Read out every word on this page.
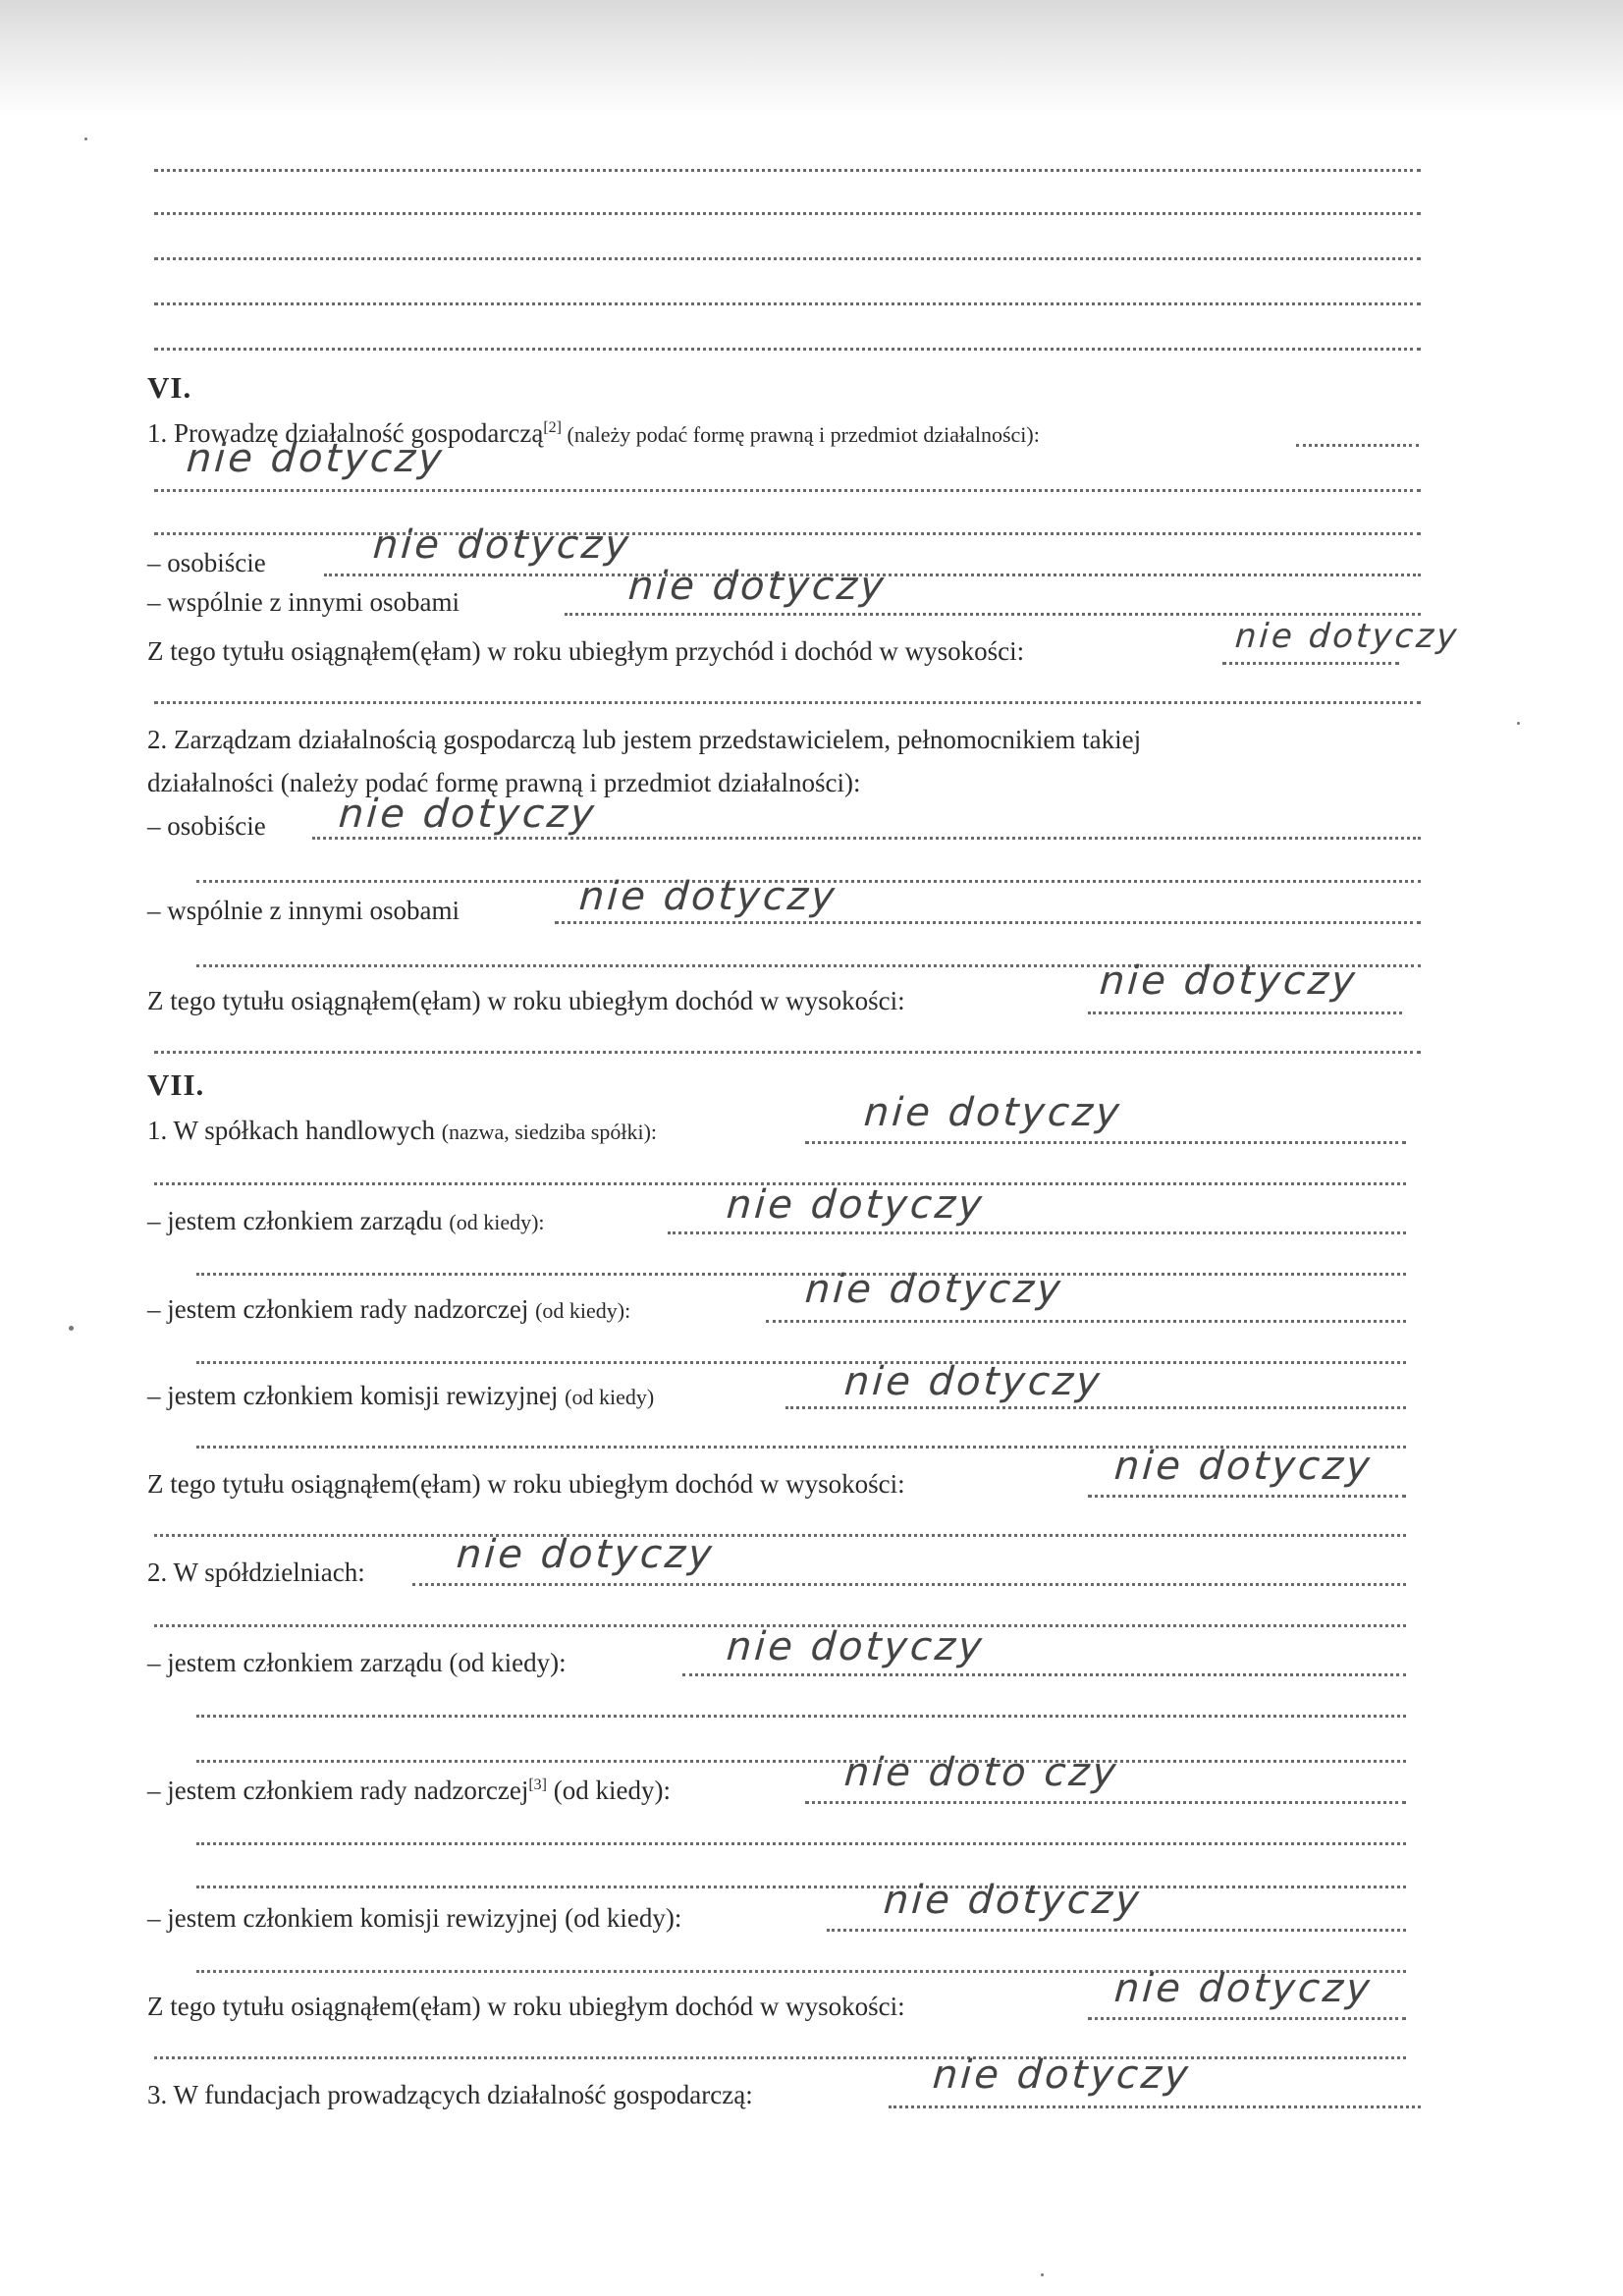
VI.
1. Prowadzę działalność gospodarczą[2] (należy podać formę prawną i przedmiot działalności):
nie dotyczy
– osobiście	nie dotyczy
– wspólnie z innymi osobami	nie dotyczy
Z tego tytułu osiągnąłem(ęłam) w roku ubiegłym przychód i dochód w wysokości:	nie dotyczy
2. Zarządzam działalnością gospodarczą lub jestem przedstawicielem, pełnomocnikiem takiej
działalności (należy podać formę prawną i przedmiot działalności):
– osobiście nie dotyczy
– wspólnie z innymi osobami	nie dotyczy
Z tego tytułu osiągnąłem(ęłam) w roku ubiegłym dochód w wysokości:	nie dotyczy
VII.
1. W spółkach handlowych (nazwa, siedziba spółki):	nie dotyczy
– jestem członkiem zarządu (od kiedy):	nie dotyczy
– jestem członkiem rady nadzorczej (od kiedy):	nie dotyczy
– jestem członkiem komisji rewizyjnej (od kiedy)	nie dotyczy
Z tego tytułu osiągnąłem(ęłam) w roku ubiegłym dochód w wysokości:	nie dotyczy
2. W spółdzielniach: nie dotyczy
– jestem członkiem zarządu (od kiedy):	nie dotyczy
– jestem członkiem rady nadzorczej[3] (od kiedy):	nie doto czy
– jestem członkiem komisji rewizyjnej (od kiedy):	nie dotyczy
Z tego tytułu osiągnąłem(ęłam) w roku ubiegłym dochód w wysokości:	nie dotyczy
3. W fundacjach prowadzących działalność gospodarczą:	nie dotyczy
